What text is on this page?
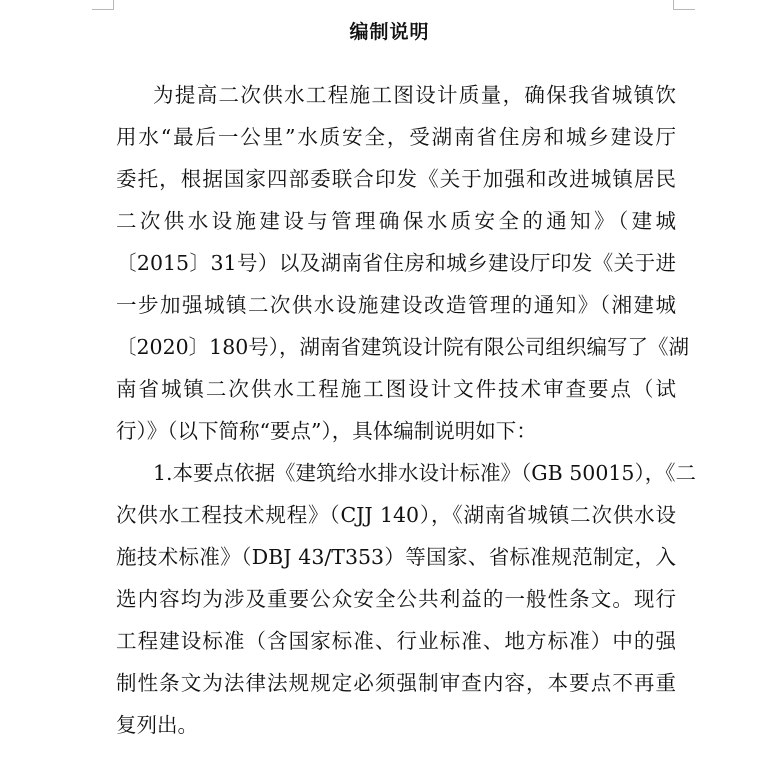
编制说明

为提高二次供水工程施工图设计质量，确保我省城镇饮
用水“最后一公里”水质安全，受湖南省住房和城乡建设厅
委托，根据国家四部委联合印发《关于加强和改进城镇居民
二次供水设施建设与管理确保水质安全的通知》（建城
〔2015〕31号）以及湖南省住房和城乡建设厅印发《关于进
一步加强城镇二次供水设施建设改造管理的通知》（湘建城
〔2020〕180号），湖南省建筑设计院有限公司组织编写了《湖
南省城镇二次供水工程施工图设计文件技术审查要点（试
行）》（以下简称“要点”），具体编制说明如下：

1.本要点依据《建筑给水排水设计标准》（GB 50015），《二
次供水工程技术规程》（CJJ 140），《湖南省城镇二次供水设
施技术标准》（DBJ 43/T353）等国家、省标准规范制定，入
选内容均为涉及重要公众安全公共利益的一般性条文。现行
工程建设标准（含国家标准、行业标准、地方标准）中的强
制性条文为法律法规规定必须强制审查内容，本要点不再重
复列出。
